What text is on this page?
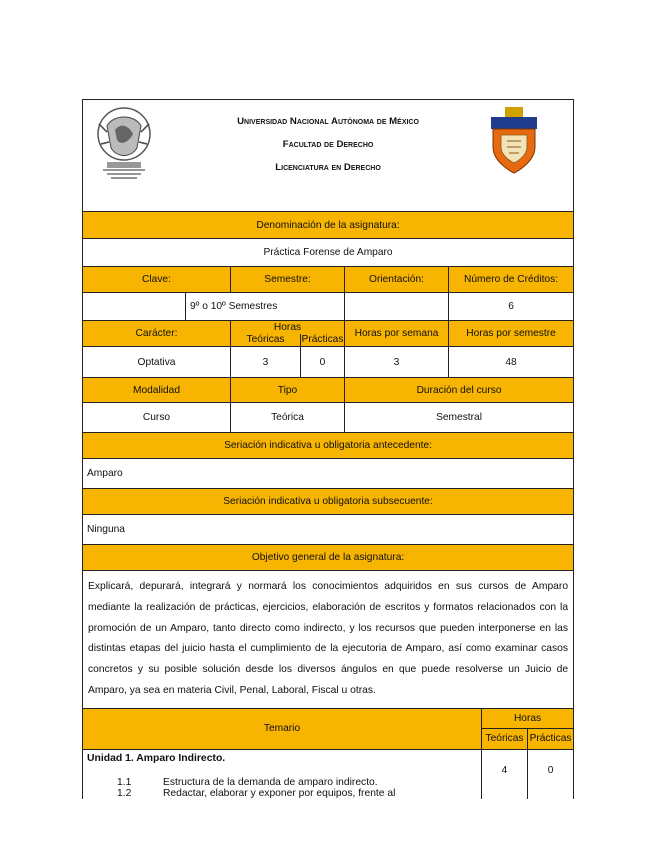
Universidad Nacional Autónoma de México
Facultad de Derecho
Licenciatura en Derecho							

Denominación de la asignatura:							
Práctica Forense de Amparo							
Clave:		Semestre:		Orientación:	Número de Créditos:		
	9º o 10º Semestres				6		
Carácter:		Horas		Horas por semana	Horas por semestre		
		Teóricas	Prácticas				
Optativa		3	0	3	48		
Modalidad		Tipo		Duración del curso			
Curso		Teórica		Semestral			
Seriación indicativa u obligatoria antecedente:							
Amparo							
Seriación indicativa u obligatoria subsecuente:							
Ninguna							
Objetivo general de la asignatura:							
Explicará, depurará, integrará y normará los conocimientos adquiridos en sus cursos de Amparo mediante la realización de prácticas, ejercicios, elaboración de escritos y formatos relacionados con la promoción de un Amparo, tanto directo como indirecto, y los recursos que pueden interponerse en las distintas etapas del juicio hasta el cumplimiento de la ejecutoria de Amparo, así como examinar casos concretos y su posible solución desde los diversos ángulos en que puede resolverse un Juicio de Amparo, ya sea en materia Civil, Penal, Laboral, Fiscal u otras.							
Temario						Horas	
						Teóricas	Prácticas

Unidad 1. Amparo Indirecto.
1.1 Estructura de la demanda de amparo indirecto.
1.2 Redactar, elaborar y exponer por equipos, frente al						4	0
